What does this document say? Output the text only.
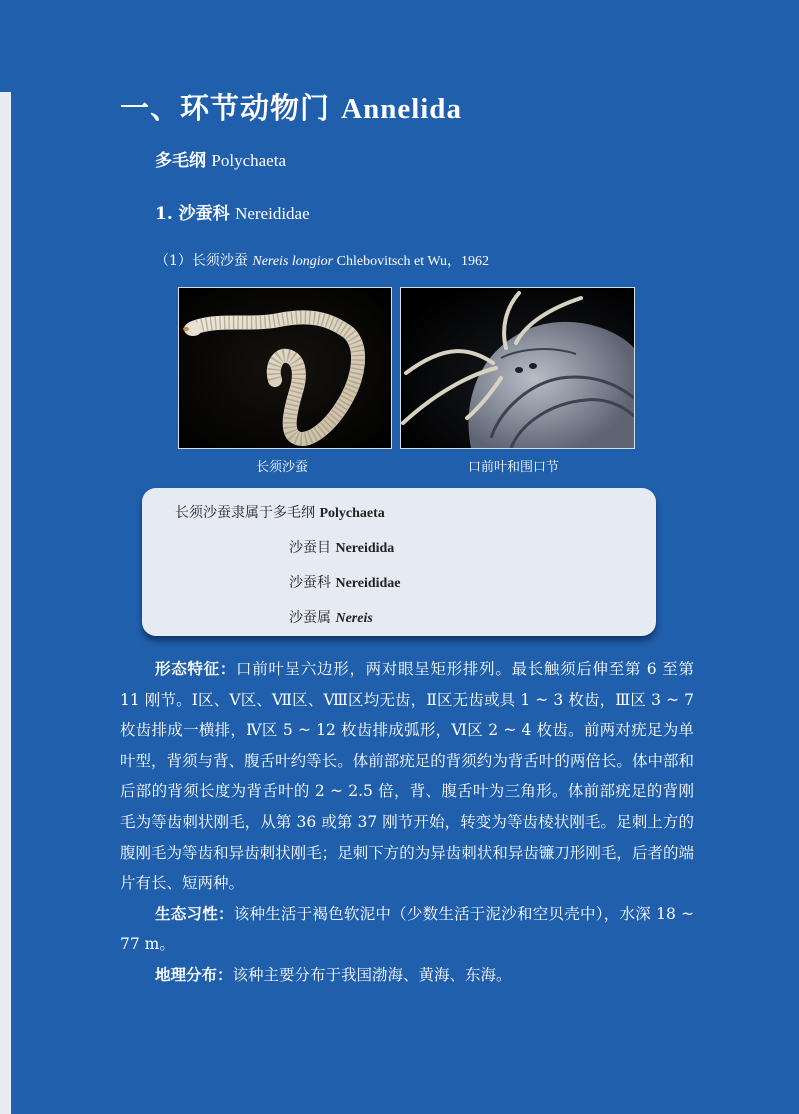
一、环节动物门 Annelida
多毛纲 Polychaeta
1. 沙蚕科 Nereididae
（1）长须沙蚕 Nereis longior Chlebovitsch et Wu，1962
长须沙蚕	口前叶和围口节
长须沙蚕隶属于多毛纲 Polychaeta
沙蚕目 Nereidida
沙蚕科 Nereididae
沙蚕属 Nereis

形态特征：口前叶呈六边形，两对眼呈矩形排列。最长触须后伸至第 6 至第 11 刚节。Ⅰ区、Ⅴ区、Ⅶ区、Ⅷ区均无齿，Ⅱ区无齿或具 1 ~ 3 枚齿，Ⅲ区 3 ~ 7 枚齿排成一横排，Ⅳ区 5 ~ 12 枚齿排成弧形，Ⅵ区 2 ~ 4 枚齿。前两对疣足为单叶型，背须与背、腹舌叶约等长。体前部疣足的背须约为背舌叶的两倍长。体中部和后部的背须长度为背舌叶的 2 ~ 2.5 倍，背、腹舌叶为三角形。体前部疣足的背刚毛为等齿刺状刚毛，从第 36 或第 37 刚节开始，转变为等齿棱状刚毛。足刺上方的腹刚毛为等齿和异齿刺状刚毛；足刺下方的为异齿刺状和异齿镰刀形刚毛，后者的端片有长、短两种。

生态习性：该种生活于褐色软泥中（少数生活于泥沙和空贝壳中），水深 18 ~ 77 m。

地理分布：该种主要分布于我国渤海、黄海、东海。
